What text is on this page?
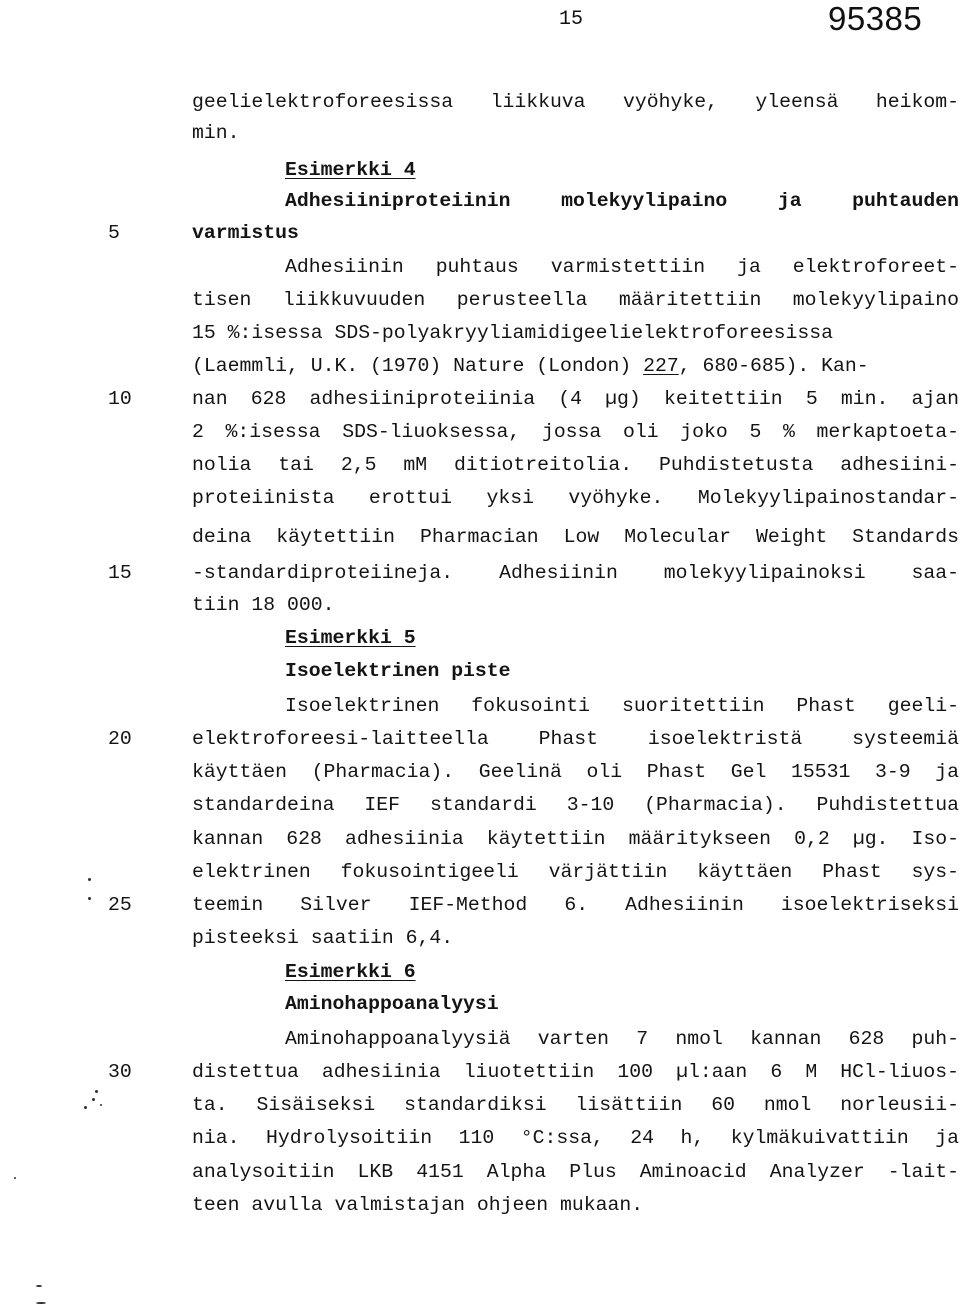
15	95385
5
10
15
20
25
30
geelielektroforeesissa liikkuva vyöhyke, yleensä heikom-
min.
Esimerkki 4
Adhesiiniproteiinin molekyylipaino ja puhtauden
varmistus
Adhesiinin puhtaus varmistettiin ja elektroforeet-
tisen liikkuvuuden perusteella määritettiin molekyylipaino
15 %:isessa SDS-polyakryyliamidigeelielektroforeesissa
(Laemmli, U.K. (1970) Nature (London) 227, 680-685). Kan-
nan 628 adhesiiniproteiinia (4 µg) keitettiin 5 min. ajan
2 %:isessa SDS-liuoksessa, jossa oli joko 5 % merkaptoeta-
nolia tai 2,5 mM ditiotreitolia. Puhdistetusta adhesiini-
proteiinista erottui yksi vyöhyke. Molekyylipainostandar-
deina käytettiin Pharmacian Low Molecular Weight Standards
-standardiproteiineja. Adhesiinin molekyylipainoksi saa-
tiin 18 000.
Esimerkki 5
Isoelektrinen piste
Isoelektrinen fokusointi suoritettiin Phast geeli-
elektroforeesi-laitteella Phast isoelektristä systeemiä
käyttäen (Pharmacia). Geelinä oli Phast Gel 15531 3-9 ja
standardeina IEF standardi 3-10 (Pharmacia). Puhdistettua
kannan 628 adhesiinia käytettiin määritykseen 0,2 µg. Iso-
elektrinen fokusointigeeli värjättiin käyttäen Phast sys-
teemin Silver IEF-Method 6. Adhesiinin isoelektriseksi
pisteeksi saatiin 6,4.
Esimerkki 6
Aminohappoanalyysi
Aminohappoanalyysiä varten 7 nmol kannan 628 puh-
distettua adhesiinia liuotettiin 100 µl:aan 6 M HCl-liuos-
ta. Sisäiseksi standardiksi lisättiin 60 nmol norleusii-
nia. Hydrolysoitiin 110 °C:ssa, 24 h, kylmäkuivattiin ja
analysoitiin LKB 4151 Alpha Plus Aminoacid Analyzer -lait-
teen avulla valmistajan ohjeen mukaan.
